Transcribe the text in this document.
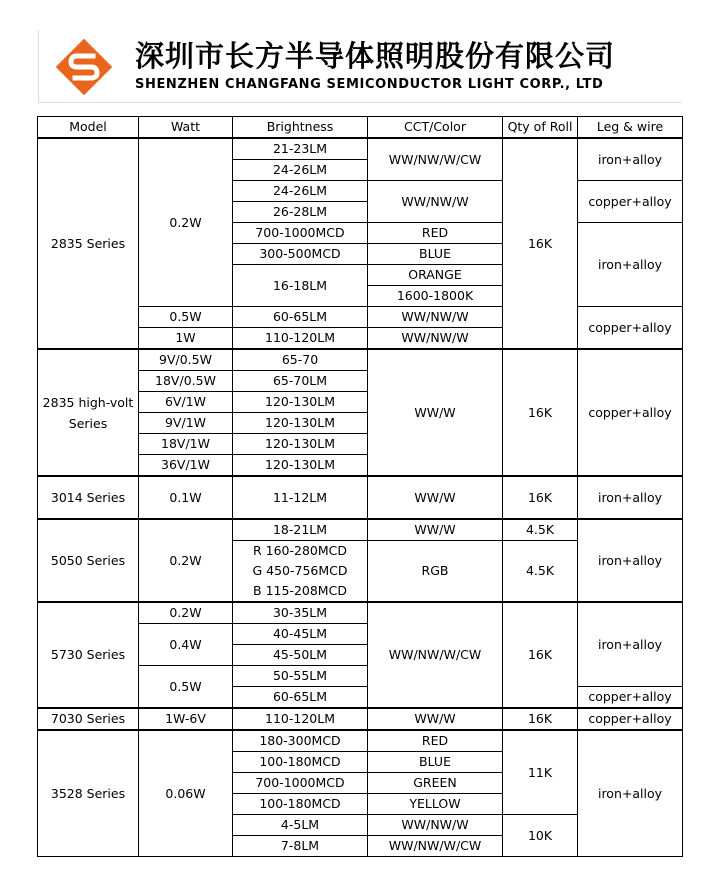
深圳市长方半导体照明股份有限公司
SHENZHEN CHANGFANG SEMICONDUCTOR LIGHT CORP., LTD
Model	Watt	Brightness	CCT/Color	Qty of Roll	Leg & wire
2835 Series	0.2W	21-23LM	WW/NW/W/CW	16K	iron+alloy
		24-26LM			
		24-26LM	WW/NW/W		copper+alloy
		26-28LM			
		700-1000MCD	RED		iron+alloy
		300-500MCD	BLUE		
		16-18LM	ORANGE		
			1600-1800K		
	0.5W	60-65LM	WW/NW/W		copper+alloy
	1W	110-120LM	WW/NW/W		

2835 high-volt
Series	9V/0.5W	65-70	WW/W	16K	copper+alloy
	18V/0.5W	65-70LM			
	6V/1W	120-130LM			
	9V/1W	120-130LM			
	18V/1W	120-130LM			
	36V/1W	120-130LM			
3014 Series	0.1W	11-12LM	WW/W	16K	iron+alloy
5050 Series	0.2W	18-21LM	WW/W	4.5K	iron+alloy
		R 160-280MCD	RGB	4.5K	
		G 450-756MCD			
		B 115-208MCD			
5730 Series	0.2W	30-35LM	WW/NW/W/CW	16K	iron+alloy
	0.4W	40-45LM			
		45-50LM			
	0.5W	50-55LM			
		60-65LM			copper+alloy
7030 Series	1W-6V	110-120LM	WW/W	16K	copper+alloy
3528 Series	0.06W	180-300MCD	RED	11K	iron+alloy
		100-180MCD	BLUE		
		700-1000MCD	GREEN		
		100-180MCD	YELLOW		
		4-5LM	WW/NW/W	10K	
		7-8LM	WW/NW/W/CW		
